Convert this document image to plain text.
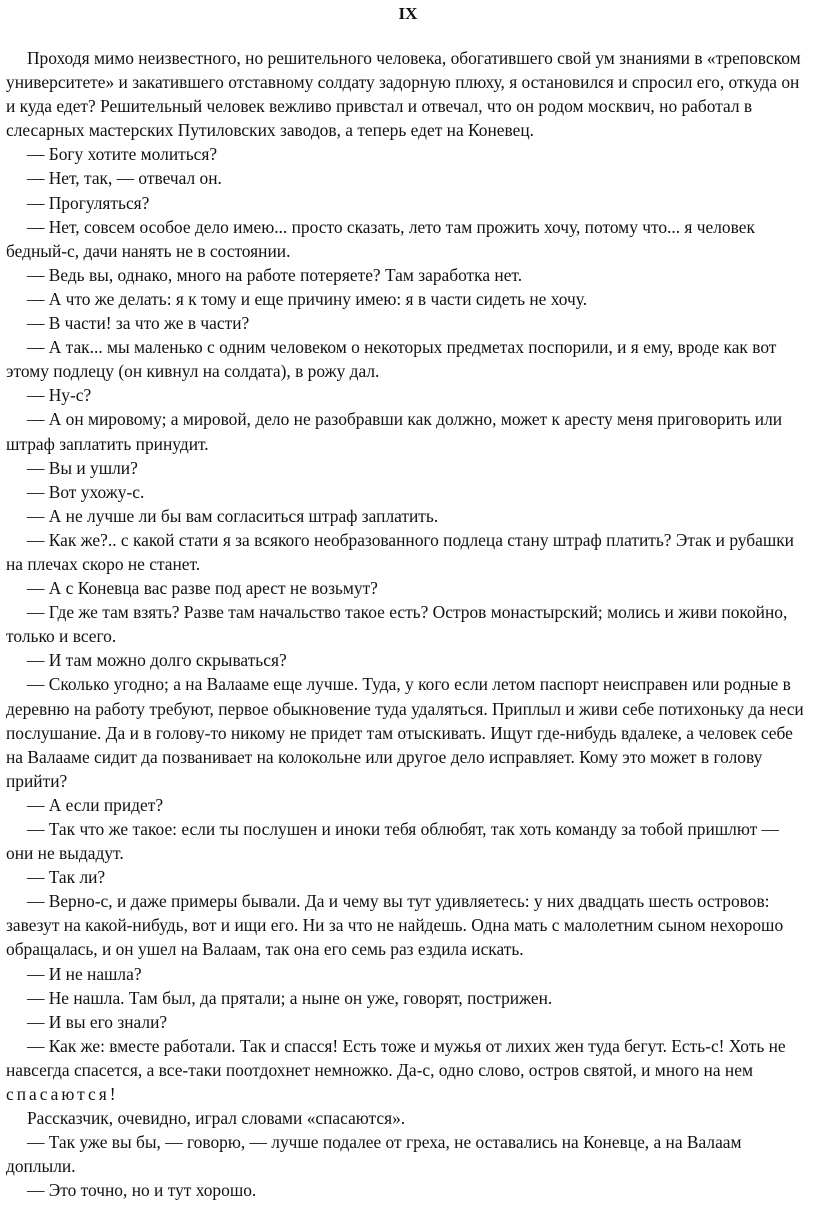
IX

Проходя мимо неизвестного, но решительного человека, обогатившего свой ум знаниями в «треповском университете» и закатившего отставному солдату задорную плюху, я остановился и спросил его, откуда он и куда едет? Решительный человек вежливо привстал и отвечал, что он родом москвич, но работал в слесарных мастерских Путиловских заводов, а теперь едет на Коневец.

— Богу хотите молиться?

— Нет, так, — отвечал он.

— Прогуляться?

— Нет, совсем особое дело имею... просто сказать, лето там прожить хочу, потому что... я человек бедный-с, дачи нанять не в состоянии.

— Ведь вы, однако, много на работе потеряете? Там заработка нет.

— А что же делать: я к тому и еще причину имею: я в части сидеть не хочу.

— В части! за что же в части?

— А так... мы маленько с одним человеком о некоторых предметах поспорили, и я ему, вроде как вот этому подлецу (он кивнул на солдата), в рожу дал.

— Ну-с?

— А он мировому; а мировой, дело не разобравши как должно, может к аресту меня приговорить или штраф заплатить принудит.

— Вы и ушли?

— Вот ухожу-с.

— А не лучше ли бы вам согласиться штраф заплатить.

— Как же?.. с какой стати я за всякого необразованного подлеца стану штраф платить? Этак и рубашки на плечах скоро не станет.

— А с Коневца вас разве под арест не возьмут?

— Где же там взять? Разве там начальство такое есть? Остров монастырский; молись и живи покойно, только и всего.

— И там можно долго скрываться?

— Сколько угодно; а на Валааме еще лучше. Туда, у кого если летом паспорт неисправен или родные в деревню на работу требуют, первое обыкновение туда удаляться. Приплыл и живи себе потихоньку да неси послушание. Да и в голову-то никому не придет там отыскивать. Ищут где-нибудь вдалеке, а человек себе на Валааме сидит да позванивает на колокольне или другое дело исправляет. Кому это может в голову прийти?

— А если придет?

— Так что же такое: если ты послушен и иноки тебя облюбят, так хоть команду за тобой пришлют — они не выдадут.

— Так ли?

— Верно-с, и даже примеры бывали. Да и чему вы тут удивляетесь: у них двадцать шесть островов: завезут на какой-нибудь, вот и ищи его. Ни за что не найдешь. Одна мать с малолетним сыном нехорошо обращалась, и он ушел на Валаам, так она его семь раз ездила искать.

— И не нашла?

— Не нашла. Там был, да прятали; а ныне он уже, говорят, пострижен.

— И вы его знали?

— Как же: вместе работали. Так и спасся! Есть тоже и мужья от лихих жен туда бегут. Есть-с! Хоть не навсегда спасется, а все-таки поотдохнет немножко. Да-с, одно слово, остров святой, и много на нем спасаются!

Рассказчик, очевидно, играл словами «спасаются».

— Так уже вы бы, — говорю, — лучше подалее от греха, не оставались на Коневце, а на Валаам доплыли.

— Это точно, но и тут хорошо.
